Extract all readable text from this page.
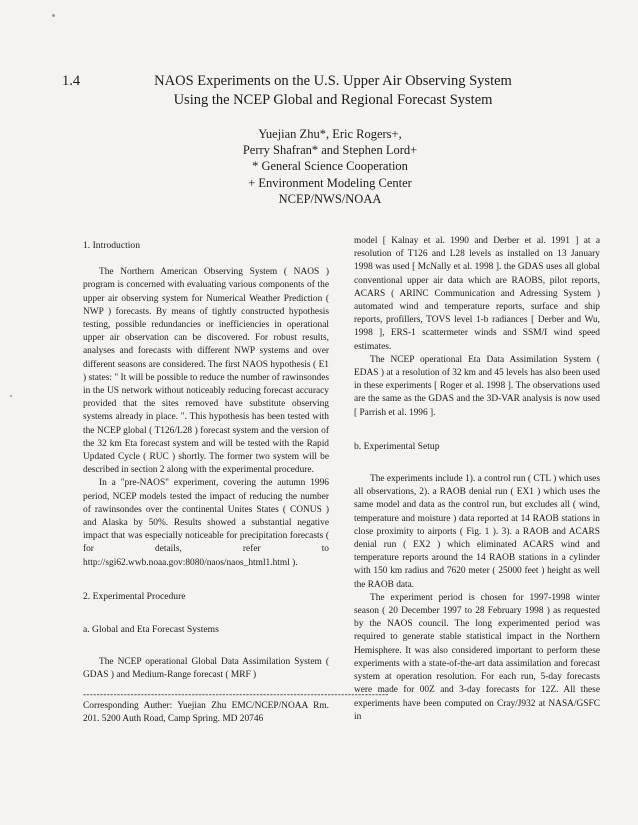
1.4	NAOS Experiments on the U.S. Upper Air Observing System
Using the NCEP Global and Regional Forecast System
Yuejian Zhu*, Eric Rogers+,
Perry Shafran* and Stephen Lord+
* General Science Cooperation
+ Environment Modeling Center
NCEP/NWS/NOAA
1. Introduction

The Northern American Observing System ( NAOS ) program is concerned with evaluating various components of the upper air observing system for Numerical Weather Prediction ( NWP ) forecasts. By means of tightly constructed hypothesis testing, possible redundancies or inefficiencies in operational upper air observation can be discovered. For robust results, analyses and forecasts with different NWP systems and over different seasons are considered. The first NAOS hypothesis ( E1 ) states: " It will be possible to reduce the number of rawinsondes in the US network without noticeably reducing forecast accuracy provided that the sites removed have substitute observing systems already in place. ". This hypothesis has been tested with the NCEP global ( T126/L28 ) forecast system and the version of the 32 km Eta forecast system and will be tested with the Rapid Updated Cycle ( RUC ) shortly. The former two system will be described in section 2 along with the experimental procedure.

In a "pre-NAOS" experiment, covering the autumn 1996 period, NCEP models tested the impact of reducing the number of rawinsondes over the continental Unites States ( CONUS ) and Alaska by 50%. Results showed a substantial negative impact that was especially noticeable for precipitation forecasts ( for details, refer to http://sgi62.wwb.noaa.gov:8080/naos/naos_html1.html ).

2. Experimental Procedure
a. Global and Eta Forecast Systems

The NCEP operational Global Data Assimilation System ( GDAS ) and Medium-Range forecast ( MRF )

------------------------------------------------------------------------------------------

Corresponding Auther: Yuejian Zhu EMC/NCEP/NOAA Rm. 201. 5200 Auth Road, Camp Spring. MD 20746

model [ Kalnay et al. 1990 and Derber et al. 1991 ] at a resolution of T126 and L28 levels as installed on 13 January 1998 was used [ McNally et al. 1998 ]. the GDAS uses all global conventional upper air data which are RAOBS, pilot reports, ACARS ( ARINC Communication and Adressing System ) automated wind and temperature reports, surface and ship reports, profillers, TOVS level 1-b radiances [ Derber and Wu, 1998 ], ERS-1 scattermeter winds and SSM/I wind speed estimates.

The NCEP operational Eta Data Assimilation System ( EDAS ) at a resolution of 32 km and 45 levels has also been used in these experiments [ Roger et al. 1998 ]. The observations used are the same as the GDAS and the 3D-VAR analysis is now used [ Parrish et al. 1996 ].

b. Experimental Setup

The experiments include 1). a control run ( CTL ) which uses all observations, 2). a RAOB denial run ( EX1 ) which uses the same model and data as the control run, but excludes all ( wind, temperature and moisture ) data reported at 14 RAOB stations in close proximity to airports ( Fig. 1 ). 3). a RAOB and ACARS denial run ( EX2 ) which eliminated ACARS wind and temperature reports around the 14 RAOB stations in a cylinder with 150 km radius and 7620 meter ( 25000 feet ) height as well the RAOB data.

The experiment period is chosen for 1997-1998 winter season ( 20 December 1997 to 28 February 1998 ) as requested by the NAOS council. The long experimented period was required to generate stable statistical impact in the Northern Hemisphere. It was also considered important to perform these experiments with a state-of-the-art data assimilation and forecast system at operation resolution. For each run, 5-day forecasts were made for 00Z and 3-day forecasts for 12Z. All these experiments have been computed on Cray/J932 at NASA/GSFC in
